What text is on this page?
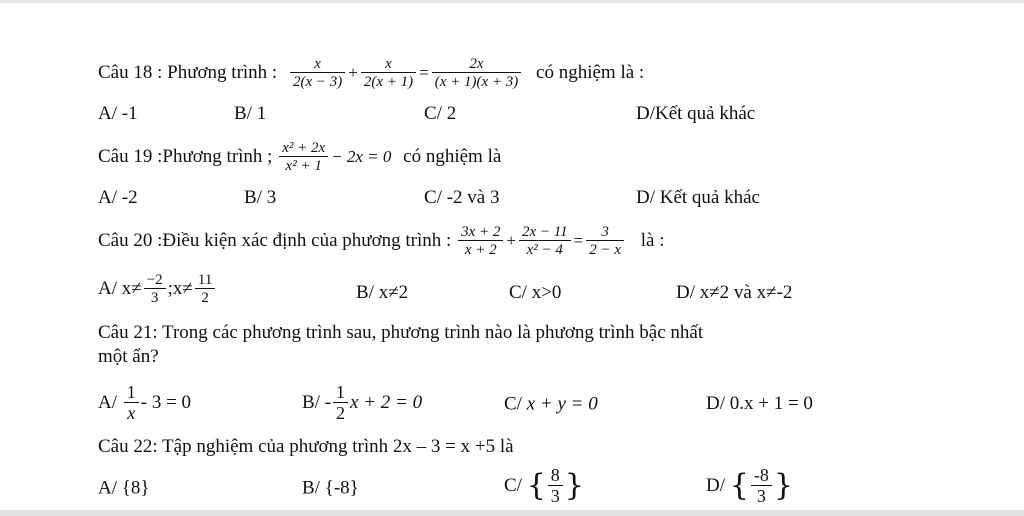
Câu 18 : Phương trình : $\frac{x}{2(x - 3)} + \frac{x}{2(x + 1)} = \frac{2x}{(x + 1)(x + 3)}$ có nghiệm là :
A/ -1	B/ 1	C/ 2	D/Kết quả khác
Câu 19 :Phương trình ; $\frac{\text{x² + 2x}}{\text{x² + 1}} - 2x = 0$ có nghiệm là
A/ -2	B/ 3	C/ -2 và 3	D/ Kết quả khác
Câu 20 :Điều kiện xác định của phương trình : $\frac{3x + 2}{x + 2} + \frac{2x - 11}{\text{x² − 4}} = \frac{3}{2 - x}$ là :
A/ $x\ne \frac{-2}{3}$ ;x≠ $\frac{11}{2}$	B/ x≠2	C/ x>0	D/ x≠2 và x≠-2
Câu 21: Trong các phương trình sau, phương trình nào là phương trình bậc nhất
một ẩn?
$A/ \frac{1}{x} - 3 = 0$	$B/ - \frac{1}{2}$ x + 2 = 0	C/ x + y = 0	D/ 0.x + 1 = 0
Câu 22: Tập nghiệm của phương trình 2x – 3 = x +5 là
A/ {8}	B/ {-8}	C/ { $\frac{8}{3}$ }	D/ { $\frac{-8}{3}$ }
